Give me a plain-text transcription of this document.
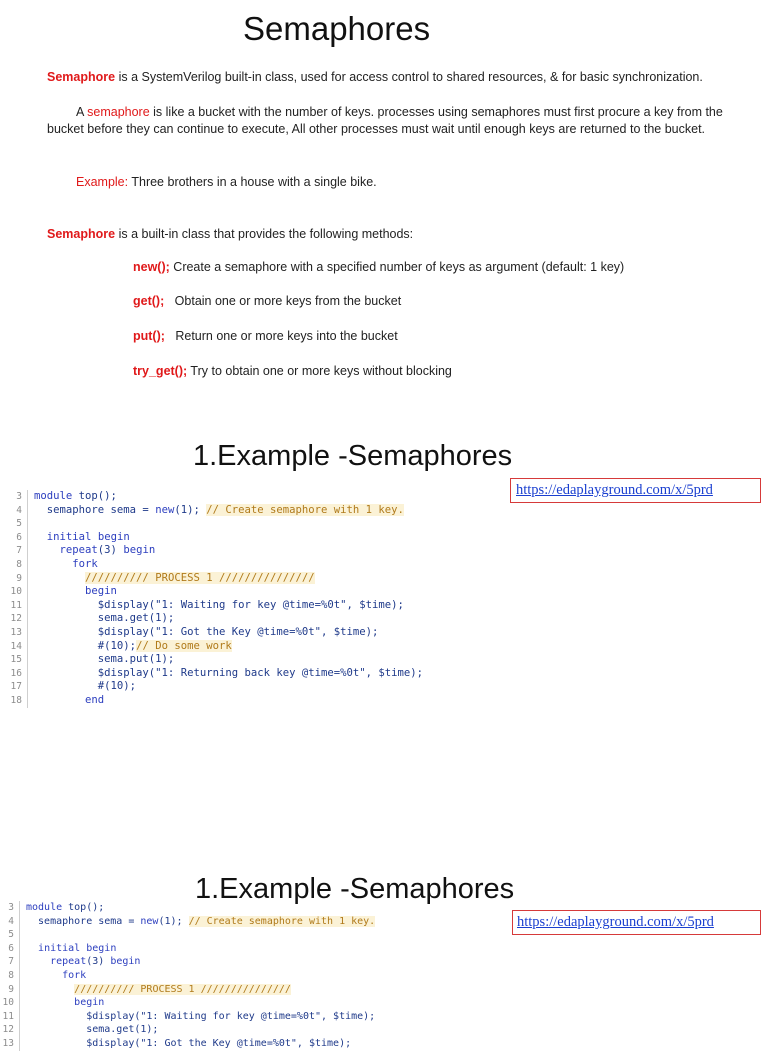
Semaphores
Semaphore is a SystemVerilog built-in class, used for access control to shared resources, & for basic synchronization.
A semaphore is like a bucket with the number of keys. processes using semaphores must first procure a key from the bucket before they can continue to execute, All other processes must wait until enough keys are returned to the bucket.
Example: Three brothers in a house with a single bike.
Semaphore is a built-in class that provides the following methods:
new(); Create a semaphore with a specified number of keys as argument (default: 1 key)
get();   Obtain one or more keys from the bucket
put();   Return one or more keys into the bucket
try_get(); Try to obtain one or more keys without blocking
1.Example -Semaphores
https://edaplayground.com/x/5prd
3	module top();
4	semaphore sema = new(1); // Create semaphore with 1 key.
5
6	initial begin
7	repeat(3) begin
8	fork
9	////////// PROCESS 1 ///////////////
10	begin
11	$display("1: Waiting for key @time=%0t", $time);
12	sema.get(1);
13	$display("1: Got the Key @time=%0t", $time);
14	#(10);// Do some work
15	sema.put(1);
16	$display("1: Returning back key @time=%0t", $time);
17	#(10);
18	end
1.Example -Semaphores
https://edaplayground.com/x/5prd
3	module top();
4	semaphore sema = new(1); // Create semaphore with 1 key.
5
6	initial begin
7	repeat(3) begin
8	fork
9	////////// PROCESS 1 ///////////////
10	begin
11	$display("1: Waiting for key @time=%0t", $time);
12	sema.get(1);
13	$display("1: Got the Key @time=%0t", $time);
